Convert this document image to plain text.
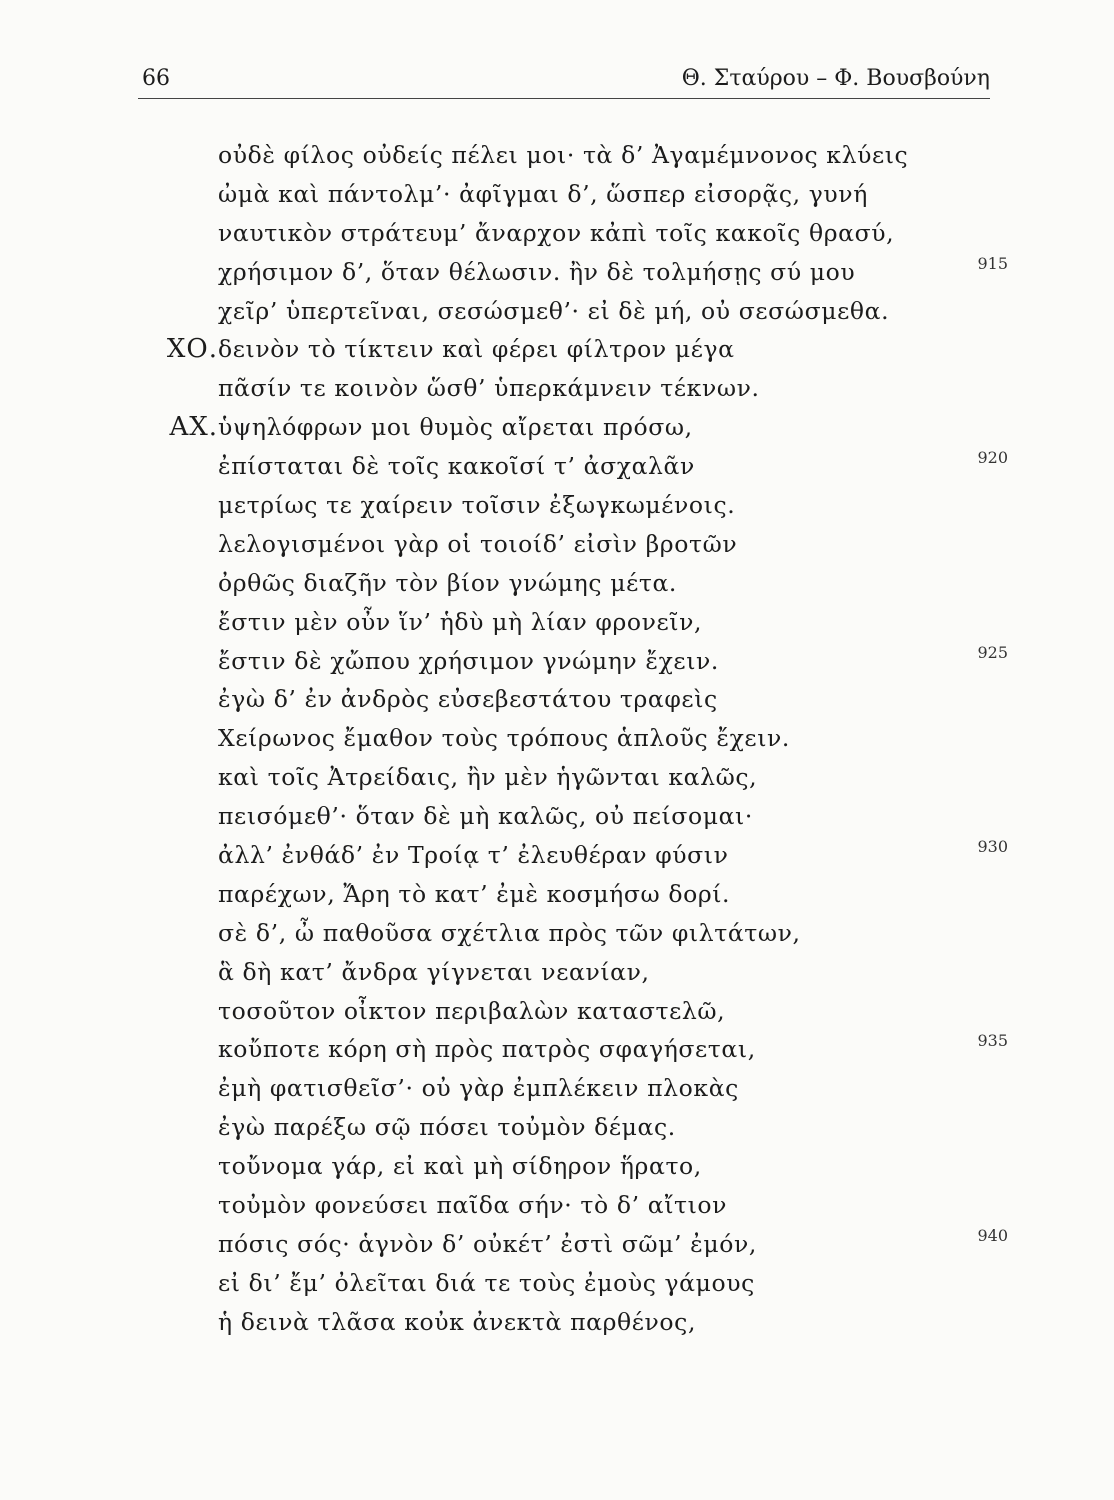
66	Θ. Σταύρου – Φ. Βουσβούνη
οὐδὲ φίλος οὐδείς πέλει μοι· τὰ δ’ Ἀγαμέμνονος κλύεις
ὠμὰ καὶ πάντολμ’· ἀφῖγμαι δ’, ὥσπερ εἰσορᾷς, γυνή
ναυτικὸν στράτευμ’ ἄναρχον κἀπὶ τοῖς κακοῖς θρασύ,
χρήσιμον δ’, ὅταν θέλωσιν. ἢν δὲ τολμήσῃς σύ μου	915
χεῖρ’ ὑπερτεῖναι, σεσώσμεθ’· εἰ δὲ μή, οὐ σεσώσμεθα.
ΧΟ. δεινὸν τὸ τίκτειν καὶ φέρει φίλτρον μέγα
πᾶσίν τε κοινὸν ὥσθ’ ὑπερκάμνειν τέκνων.
ΑΧ. ὑψηλόφρων μοι θυμὸς αἴρεται πρόσω,
ἐπίσταται δὲ τοῖς κακοῖσί τ’ ἀσχαλᾶν	920
μετρίως τε χαίρειν τοῖσιν ἐξωγκωμένοις.
λελογισμένοι γὰρ οἱ τοιοίδ’ εἰσὶν βροτῶν
ὀρθῶς διαζῆν τὸν βίον γνώμης μέτα.
ἔστιν μὲν οὖν ἵν’ ἡδὺ μὴ λίαν φρονεῖν,
ἔστιν δὲ χὤπου χρήσιμον γνώμην ἔχειν.	925
ἐγὼ δ’ ἐν ἀνδρὸς εὐσεβεστάτου τραφεὶς
Χείρωνος ἔμαθον τοὺς τρόπους ἁπλοῦς ἔχειν.
καὶ τοῖς Ἀτρείδαις, ἢν μὲν ἡγῶνται καλῶς,
πεισόμεθ’· ὅταν δὲ μὴ καλῶς, οὐ πείσομαι·
ἀλλ’ ἐνθάδ’ ἐν Τροίᾳ τ’ ἐλευθέραν φύσιν	930
παρέχων, Ἄρη τὸ κατ’ ἐμὲ κοσμήσω δορί.
σὲ δ’, ὦ παθοῦσα σχέτλια πρὸς τῶν φιλτάτων,
ἃ δὴ κατ’ ἄνδρα γίγνεται νεανίαν,
τοσοῦτον οἶκτον περιβαλὼν καταστελῶ,
κοὔποτε κόρη σὴ πρὸς πατρὸς σφαγήσεται,	935
ἐμὴ φατισθεῖσ’· οὐ γὰρ ἐμπλέκειν πλοκὰς
ἐγὼ παρέξω σῷ πόσει τοὐμὸν δέμας.
τοὔνομα γάρ, εἰ καὶ μὴ σίδηρον ἥρατο,
τοὐμὸν φονεύσει παῖδα σήν· τὸ δ’ αἴτιον
πόσις σός· ἁγνὸν δ’ οὐκέτ’ ἐστὶ σῶμ’ ἐμόν,	940
εἰ δι’ ἔμ’ ὀλεῖται διά τε τοὺς ἐμοὺς γάμους
ἡ δεινὰ τλᾶσα κοὐκ ἀνεκτὰ παρθένος,
